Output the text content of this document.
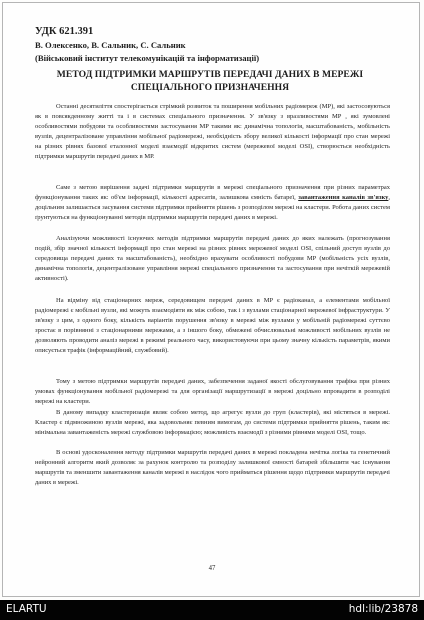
УДК 621.391
В. Олексенко, В. Сальник, С. Сальник
(Військовий інститут телекомунікацій та інформатизації)
МЕТОД ПІДТРИМКИ МАРШРУТІВ ПЕРЕДАЧІ ДАНИХ В МЕРЕЖІ
СПЕЦІАЛЬНОГО ПРИЗНАЧЕННЯ

Останні десятиліття спостерігається стрімкий розвиток та поширення мобільних радіомереж (МР), які застосовуються як в повсякденному житті та і в системах спеціального призначення. У зв'язку з вразливостями МР , які зумовлені особливостями побудови та особливостями застосування МР такими як: динамічна топологія, масштабованість, мобільність вузлів, децентралізоване управління мобільної радіомережі, необхідність збору великої кількості інформації про стан мережі на різних рівнях базової еталонної моделі взаємодії відкритих систем (мережевої моделі OSI), створюється необхідність підтримки маршрутів передачі даних в МР.

Саме з метою вирішення задачі підтримки маршрутів в мережі спеціального призначення при різних параметрах функціонування таких як: об'єм інформації, кількості адресатів, залишкова ємність батареї, завантаження каналів зв'язку, доцільним залишається засування системи підтримки прийняття рішень з розподілом мережі на кластери. Робота даних систем ґрунтуються на функціонуванні методів підтримки маршрутів передачі даних в мережі.

Аналізуючи можливості існуючих методів підтримки маршрутів передачі даних до яких належать (прогнозування подій, збір значної кількості інформації про стан мережі на різних рівнях мережевої моделі OSI, спільний доступ вузлів до середовища передачі даних та масштабованість), необхідно врахувати особливості побудови МР (мобільність усіх вузлів, динамічна топологія, децентралізоване управління мережі спеціального призначення та застосування при нечіткій мережевій активності).

На відміну від стаціонарних мереж, середовищем передачі даних в МР є радіоканал, а елементами мобільної радіомережі є мобільні вузли, які можуть взаємодіяти як між собою, так і з вузлами стаціонарної мережевої інфраструктури. У зв'язку з цим, з одного боку, кількість варіантів порушення зв'язку в мережі між вузлами у мобільній радіомережі суттєво зростає в порівнянні з стаціонарними мережами, а з іншого боку, обмежені обчислювальні можливості мобільних вузлів не дозволяють проводити аналіз мережі в режимі реального часу, використовуючи при цьому значну кількість параметрів, якими описується трафік (інформаційний, службовий).

Тому з метою підтримки маршрутів передачі даних, забезпечення заданої якості обслуговування трафіка при різних умовах функціонування мобільної радіомережі та для організації маршрутизації в мережі доцільно впровадити в розподілі мережі на кластери.

В даному випадку кластеризація являє собою метод, що агрегує вузли до груп (кластерів), які містяться в мережі. Кластер є підмножиною вузлів мережі, яка задовольняє певним вимогам, до системи підтримки прийняття рішень, таким як: мінімальна завантаженість мережі службовою інформацією; можливість взаємодії з різними рівнями моделі OSI, тощо.

В основі удосконалення методу підтримки маршрутів передачі даних в мережі покладена нечітка логіка та генетичний нейронний алгоритм який дозволяє за рахунок контролю та розподілу залишкової ємності батарей збільшити час існування маршрутів та зменшити завантаження каналів мережі в наслідок чого прийматься рішення щодо підтримки маршрутів передачі даних в мережі.

47
ELARTU	hdl:lib/23878
